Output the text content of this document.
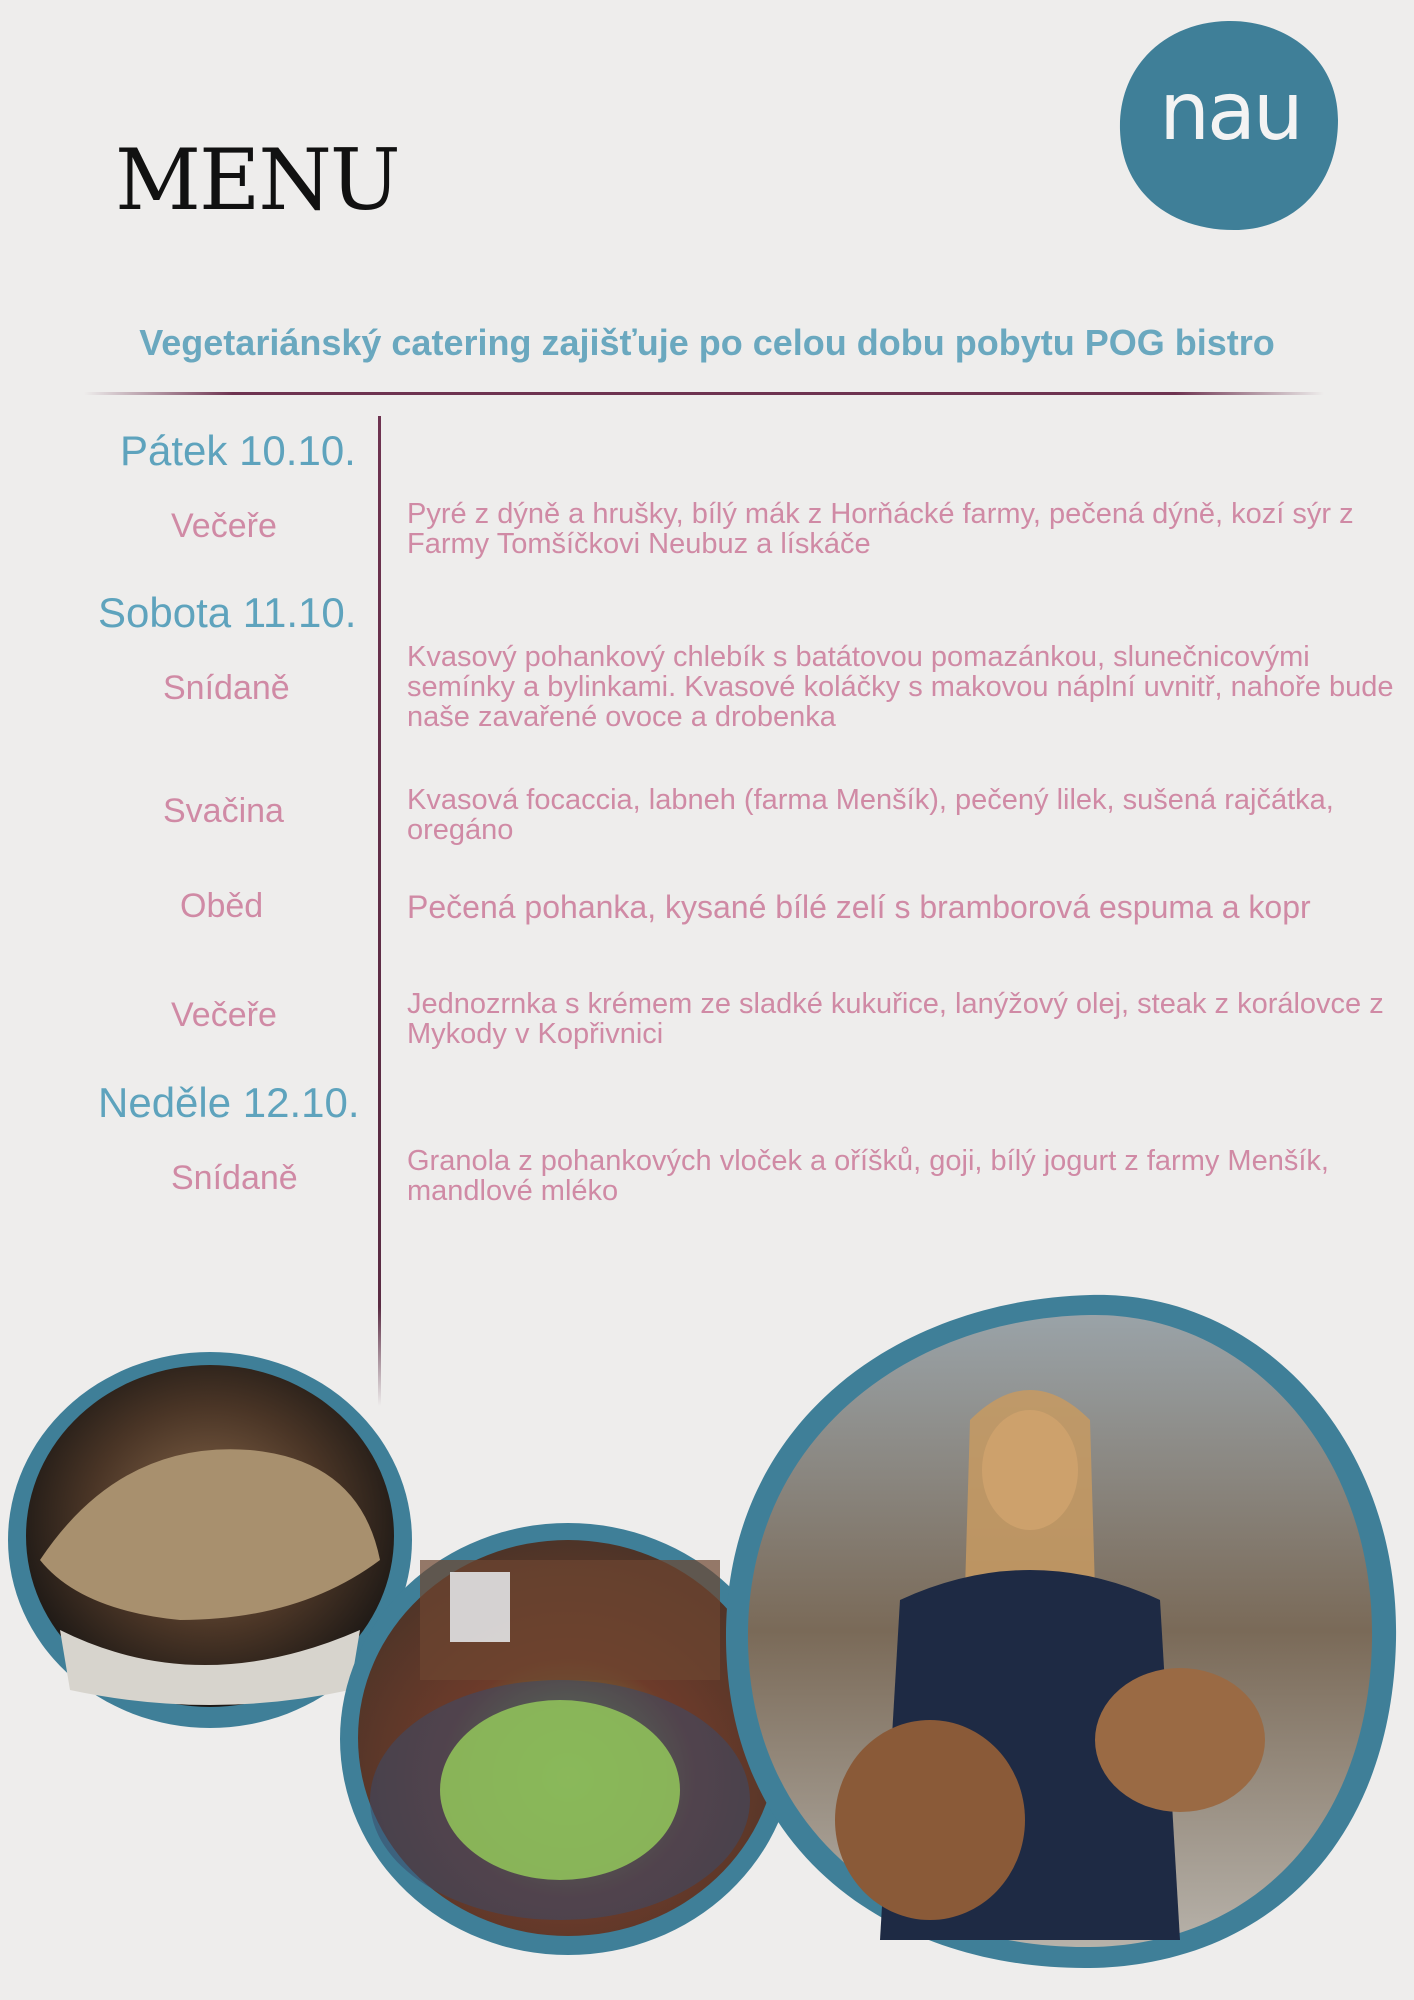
MENU
nau
Vegetariánský catering zajišťuje po celou dobu pobytu POG bistro
Pátek 10.10.
Sobota 11.10.
Neděle 12.10.
Večeře
Snídaně
Svačina
Oběd
Večeře
Snídaně
Pyré z dýně a hrušky, bílý mák z Horňácké farmy, pečená dýně, kozí sýr z Farmy Tomšíčkovi Neubuz a lískáče
Kvasový pohankový chlebík s batátovou pomazánkou, slunečnicovými semínky a bylinkami. Kvasové koláčky s makovou náplní uvnitř, nahoře bude naše zavařené ovoce a drobenka
Kvasová focaccia, labneh (farma Menšík), pečený lilek, sušená rajčátka, oregáno
Pečená pohanka, kysané bílé zelí s bramborová espuma a kopr
Jednozrnka s krémem ze sladké kukuřice, lanýžový olej, steak z korálovce z Mykody v Kopřivnici
Granola z pohankových vloček a oříšků, goji, bílý jogurt z farmy Menšík, mandlové mléko
